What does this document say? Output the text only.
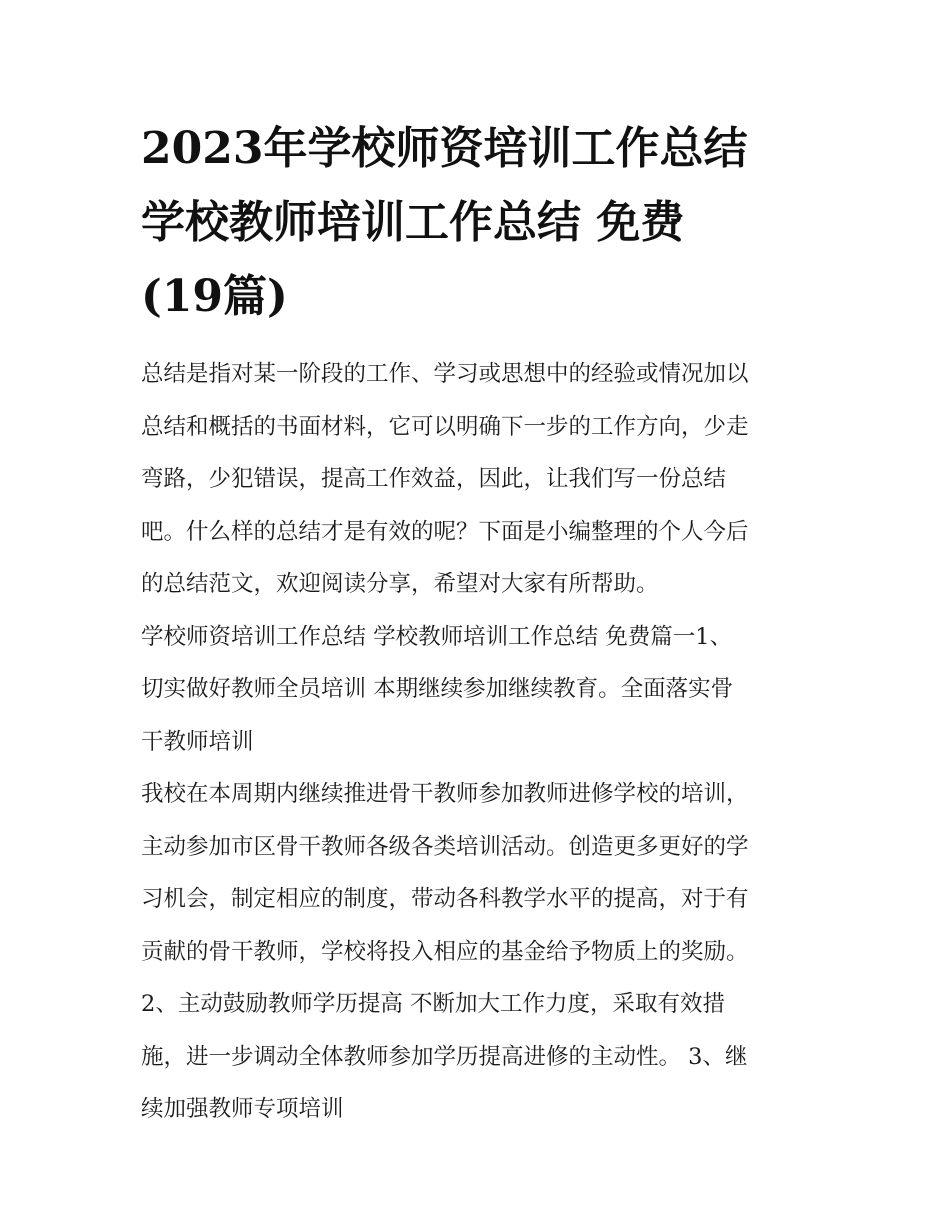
2023年学校师资培训工作总结
学校教师培训工作总结 免费
(19篇)

总结是指对某一阶段的工作、学习或思想中的经验或情况加以
总结和概括的书面材料，它可以明确下一步的工作方向，少走
弯路，少犯错误，提高工作效益，因此，让我们写一份总结
吧。什么样的总结才是有效的呢？下面是小编整理的个人今后
的总结范文，欢迎阅读分享，希望对大家有所帮助。

学校师资培训工作总结 学校教师培训工作总结 免费篇一1、
切实做好教师全员培训 本期继续参加继续教育。全面落实骨
干教师培训

我校在本周期内继续推进骨干教师参加教师进修学校的培训，
主动参加市区骨干教师各级各类培训活动。创造更多更好的学
习机会，制定相应的制度，带动各科教学水平的提高，对于有
贡献的骨干教师，学校将投入相应的基金给予物质上的奖励。

2、主动鼓励教师学历提高 不断加大工作力度，采取有效措
施，进一步调动全体教师参加学历提高进修的主动性。 3、继
续加强教师专项培训
